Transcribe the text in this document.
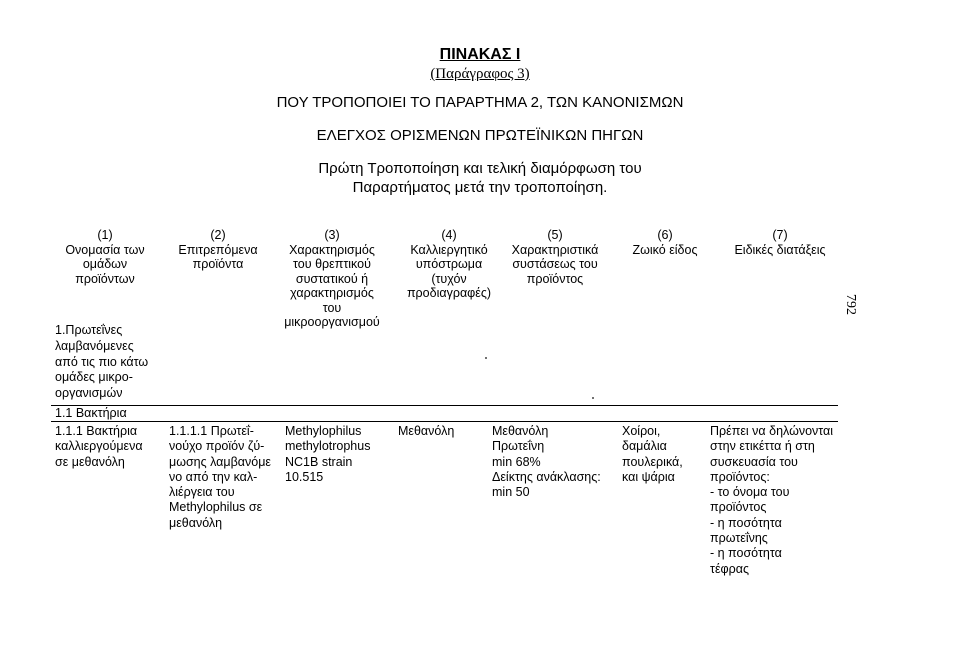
ΠΙΝΑΚΑΣ Ι
(Παράγραφος 3)
ΠΟΥ ΤΡΟΠΟΠΟΙΕΙ ΤΟ ΠΑΡΑΡΤΗΜΑ 2, ΤΩΝ ΚΑΝΟΝΙΣΜΩΝ
ΕΛΕΓΧΟΣ ΟΡΙΣΜΕΝΩΝ ΠΡΩΤΕΪΝΙΚΩΝ ΠΗΓΩΝ
Πρώτη Τροποποίηση και τελική διαμόρφωση του
Παραρτήματος μετά την τροποποίηση.
(1)
Ονομασία των
ομάδων
προϊόντων
(2)
Επιτρεπόμενα
προϊόντα
(3)
Χαρακτηρισμός
του θρεπτικού
συστατικού ή
χαρακτηρισμός
του
μικροοργανισμού
(4)
Καλλιεργητικό
υπόστρωμα
(τυχόν
προδιαγραφές)
(5)
Χαρακτηριστικά
συστάσεως του
προϊόντος
(6)
Ζωικό είδος
(7)
Ειδικές διατάξεις
1.Πρωτεΐνες
λαμβανόμενες
από τις πιο κάτω
ομάδες μικρο-
οργανισμών
1.1 Βακτήρια
1.1.1 Βακτήρια
καλλιεργούμενα
σε μεθανόλη
1.1.1.1 Πρωτεΐ-
νούχο προϊόν ζύ-
μωσης λαμβανόμε
νο από την καλ-
λιέργεια του
Methylophilus σε
μεθανόλη
Methylophilus
methylotrophus
NC1B strain
10.515
Μεθανόλη	Μεθανόλη
Πρωτεΐνη
min 68%
Δείκτης ανάκλασης:
min 50
Χοίροι,
δαμάλια
πουλερικά,
και ψάρια
Πρέπει να δηλώνονται
στην ετικέττα ή στη
συσκευασία του
προϊόντος:
- το όνομα του
προϊόντος
- η ποσότητα
πρωτεΐνης
- η ποσότητα
τέφρας
792
